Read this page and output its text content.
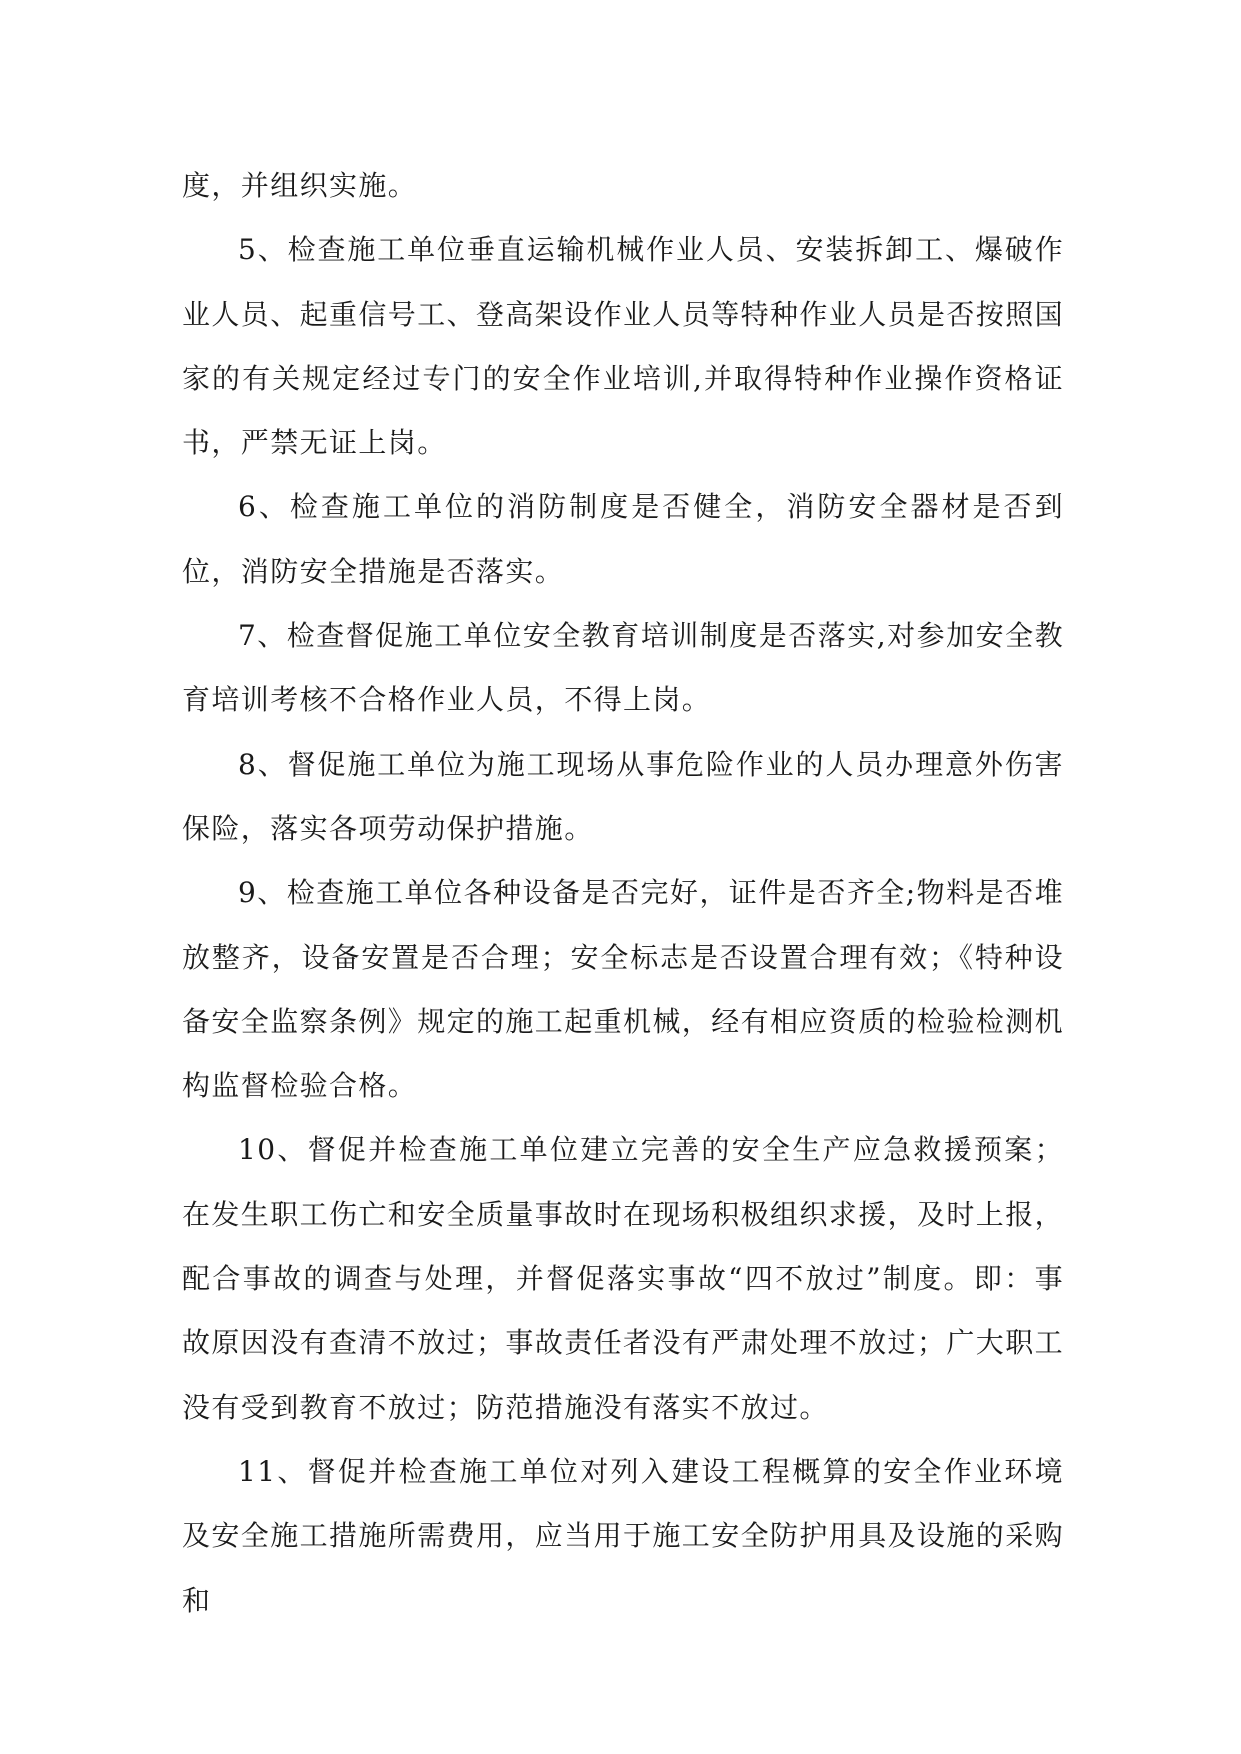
度，并组织实施。

5、检查施工单位垂直运输机械作业人员、安装拆卸工、爆破作业人员、起重信号工、登高架设作业人员等特种作业人员是否按照国家的有关规定经过专门的安全作业培训,并取得特种作业操作资格证书，严禁无证上岗。

6、检查施工单位的消防制度是否健全，消防安全器材是否到位，消防安全措施是否落实。

7、检查督促施工单位安全教育培训制度是否落实,对参加安全教育培训考核不合格作业人员，不得上岗。

8、督促施工单位为施工现场从事危险作业的人员办理意外伤害保险，落实各项劳动保护措施。

9、检查施工单位各种设备是否完好，证件是否齐全;物料是否堆放整齐，设备安置是否合理；安全标志是否设置合理有效；《特种设备安全监察条例》规定的施工起重机械，经有相应资质的检验检测机构监督检验合格。

10、督促并检查施工单位建立完善的安全生产应急救援预案；在发生职工伤亡和安全质量事故时在现场积极组织求援，及时上报，配合事故的调查与处理，并督促落实事故“四不放过”制度。即：事故原因没有查清不放过；事故责任者没有严肃处理不放过；广大职工没有受到教育不放过；防范措施没有落实不放过。

11、督促并检查施工单位对列入建设工程概算的安全作业环境及安全施工措施所需费用，应当用于施工安全防护用具及设施的采购和
